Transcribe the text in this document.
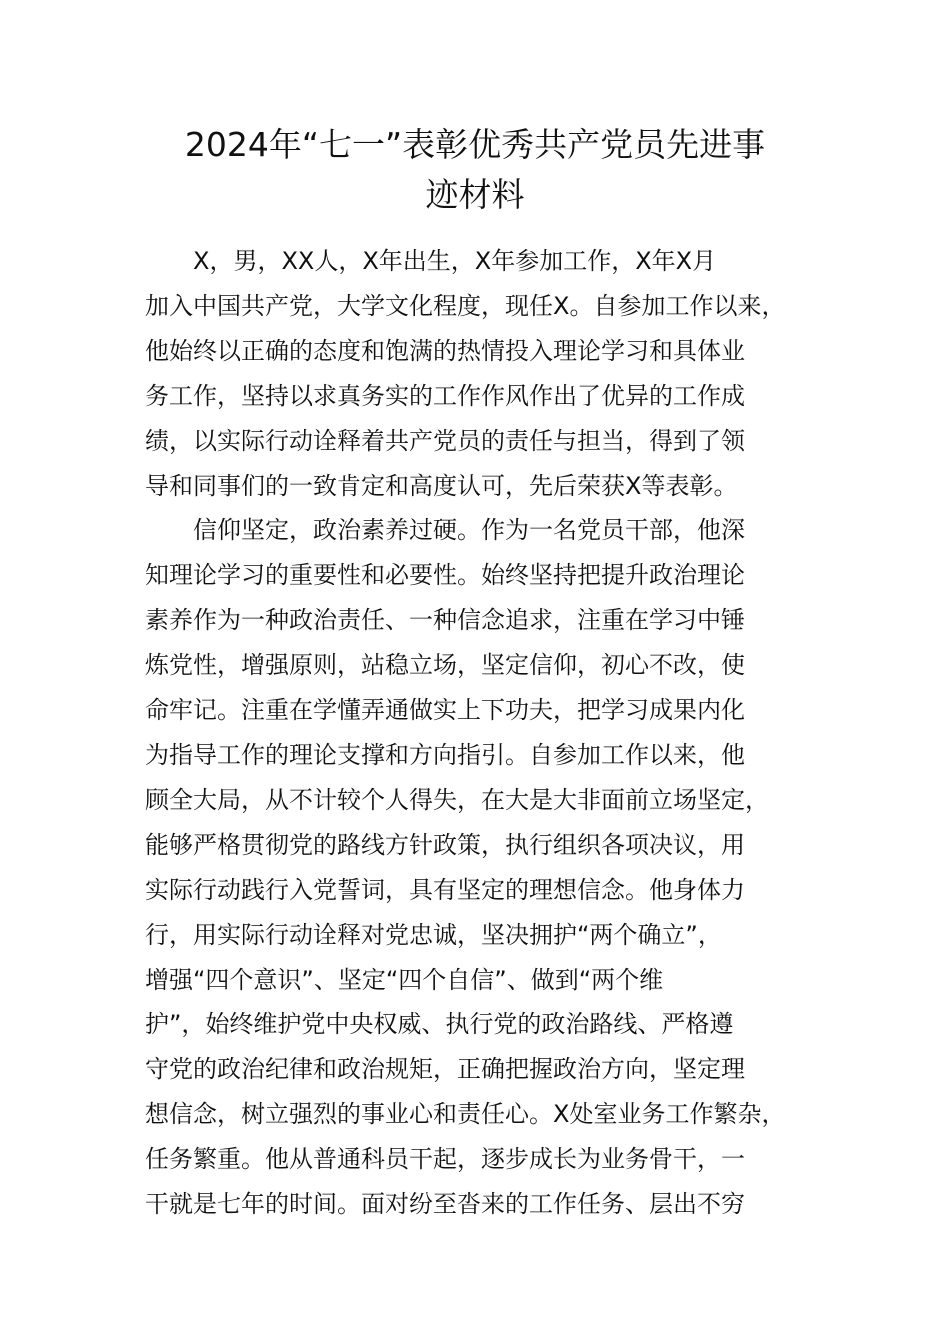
2024年“七一”表彰优秀共产党员先进事
迹材料

X，男，XX人，X年出生，X年参加工作，X年X月

加入中国共产党，大学文化程度，现任X。自参加工作以来，

他始终以正确的态度和饱满的热情投入理论学习和具体业

务工作，坚持以求真务实的工作作风作出了优异的工作成

绩，以实际行动诠释着共产党员的责任与担当，得到了领

导和同事们的一致肯定和高度认可，先后荣获X等表彰。

信仰坚定，政治素养过硬。作为一名党员干部，他深

知理论学习的重要性和必要性。始终坚持把提升政治理论

素养作为一种政治责任、一种信念追求，注重在学习中锤

炼党性，增强原则，站稳立场，坚定信仰，初心不改，使

命牢记。注重在学懂弄通做实上下功夫，把学习成果内化

为指导工作的理论支撑和方向指引。自参加工作以来，他

顾全大局，从不计较个人得失，在大是大非面前立场坚定，

能够严格贯彻党的路线方针政策，执行组织各项决议，用

实际行动践行入党誓词，具有坚定的理想信念。他身体力

行，用实际行动诠释对党忠诚，坚决拥护“两个确立”，

增强“四个意识”、坚定“四个自信”、做到“两个维

护”，始终维护党中央权威、执行党的政治路线、严格遵

守党的政治纪律和政治规矩，正确把握政治方向，坚定理

想信念，树立强烈的事业心和责任心。X处室业务工作繁杂，

任务繁重。他从普通科员干起，逐步成长为业务骨干，一

干就是七年的时间。面对纷至沓来的工作任务、层出不穷
